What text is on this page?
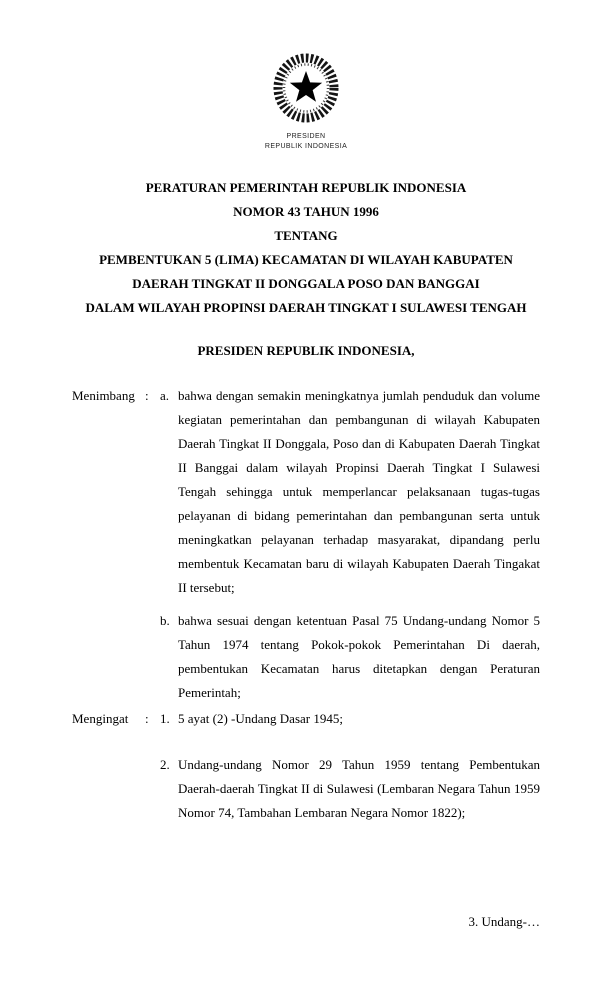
PRESIDEN
REPUBLIK INDONESIA
PERATURAN PEMERINTAH REPUBLIK INDONESIA
NOMOR 43 TAHUN 1996
TENTANG
PEMBENTUKAN 5 (LIMA) KECAMATAN DI WILAYAH KABUPATEN
DAERAH TINGKAT II DONGGALA POSO DAN BANGGAI
DALAM WILAYAH PROPINSI DAERAH TINGKAT I SULAWESI TENGAH
PRESIDEN REPUBLIK INDONESIA,
Menimbang : a. bahwa dengan semakin meningkatnya jumlah penduduk dan volume kegiatan pemerintahan dan pembangunan di wilayah Kabupaten Daerah Tingkat II Donggala, Poso dan di Kabupaten Daerah Tingkat II Banggai dalam wilayah Propinsi Daerah Tingkat I Sulawesi Tengah sehingga untuk memperlancar pelaksanaan tugas-tugas pelayanan di bidang pemerintahan dan pembangunan serta untuk meningkatkan pelayanan terhadap masyarakat, dipandang perlu membentuk Kecamatan baru di wilayah Kabupaten Daerah Tingakat II tersebut;
b. bahwa sesuai dengan ketentuan Pasal 75 Undang-undang Nomor 5 Tahun 1974 tentang Pokok-pokok Pemerintahan Di daerah, pembentukan Kecamatan harus ditetapkan dengan Peraturan Pemerintah;
Mengingat	: 1. 5 ayat (2) -Undang Dasar 1945;
2. Undang-undang Nomor 29 Tahun 1959 tentang Pembentukan Daerah-daerah Tingkat II di Sulawesi (Lembaran Negara Tahun 1959 Nomor 74, Tambahan Lembaran Negara Nomor 1822);
3. Undang-…
